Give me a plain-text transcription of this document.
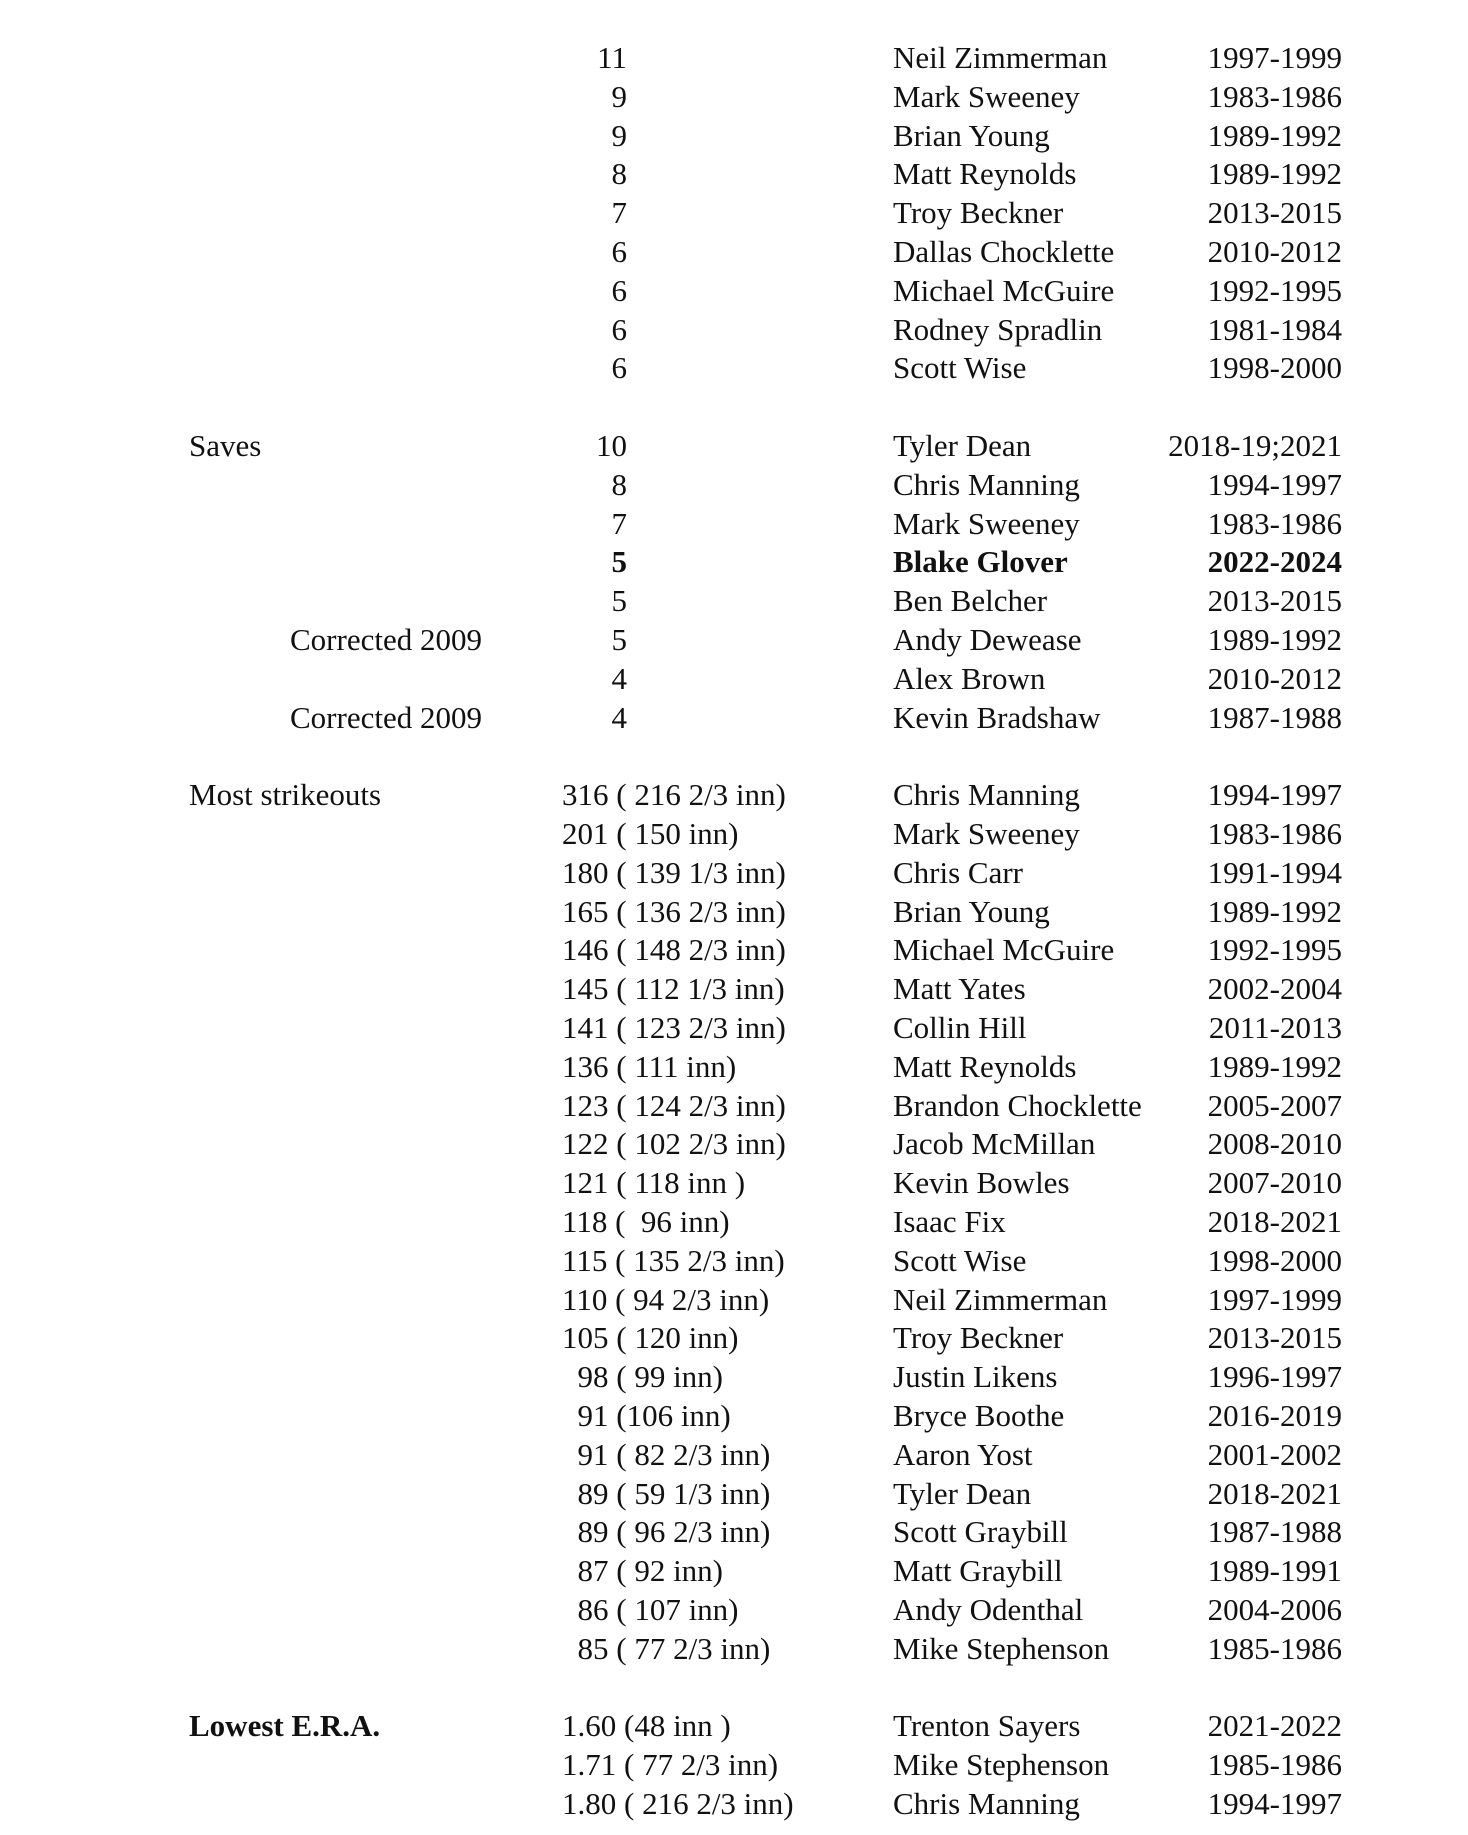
11	Neil Zimmerman	1997-1999
9	Mark Sweeney	1983-1986
9	Brian Young	1989-1992
8	Matt Reynolds	1989-1992
7	Troy Beckner	2013-2015
6	Dallas Chocklette	2010-2012
6	Michael McGuire	1992-1995
6	Rodney Spradlin	1981-1984
6	Scott Wise	1998-2000
Saves	10	Tyler Dean	2018-19;2021
8	Chris Manning	1994-1997
7	Mark Sweeney	1983-1986
5	Blake Glover	2022-2024
5	Ben Belcher	2013-2015
Corrected 2009	5	Andy Dewease	1989-1992
4	Alex Brown	2010-2012
Corrected 2009	4	Kevin Bradshaw	1987-1988
Most strikeouts	316 ( 216 2/3 inn)	Chris Manning	1994-1997
201 ( 150 inn)	Mark Sweeney	1983-1986
180 ( 139 1/3 inn)	Chris Carr	1991-1994
165 ( 136 2/3 inn)	Brian Young	1989-1992
146 ( 148 2/3 inn)	Michael McGuire	1992-1995
145 ( 112 1/3 inn)	Matt Yates	2002-2004
141 ( 123 2/3 inn)	Collin Hill	2011-2013
136 ( 111 inn)	Matt Reynolds	1989-1992
123 ( 124 2/3 inn)	Brandon Chocklette 2005-2007
122 ( 102 2/3 inn)	Jacob McMillan	2008-2010
121 ( 118 inn )	Kevin Bowles	2007-2010
118 (  96 inn)	Isaac Fix	2018-2021
115 ( 135 2/3 inn)	Scott Wise	1998-2000
110 ( 94 2/3 inn)	Neil Zimmerman	1997-1999
105 ( 120 inn)	Troy Beckner	2013-2015
98 ( 99 inn)	Justin Likens	1996-1997
91 (106 inn)	Bryce Boothe	2016-2019
91 ( 82 2/3 inn)	Aaron Yost	2001-2002
89 ( 59 1/3 inn)	Tyler Dean	2018-2021
89 ( 96 2/3 inn)	Scott Graybill	1987-1988
87 ( 92 inn)	Matt Graybill	1989-1991
86 ( 107 inn)	Andy Odenthal	2004-2006
85 ( 77 2/3 inn)	Mike Stephenson	1985-1986
Lowest E.R.A.	1.60 (48 inn )	Trenton Sayers	2021-2022
1.71 ( 77 2/3 inn)	Mike Stephenson	1985-1986
1.80 ( 216 2/3 inn)	Chris Manning	1994-1997
